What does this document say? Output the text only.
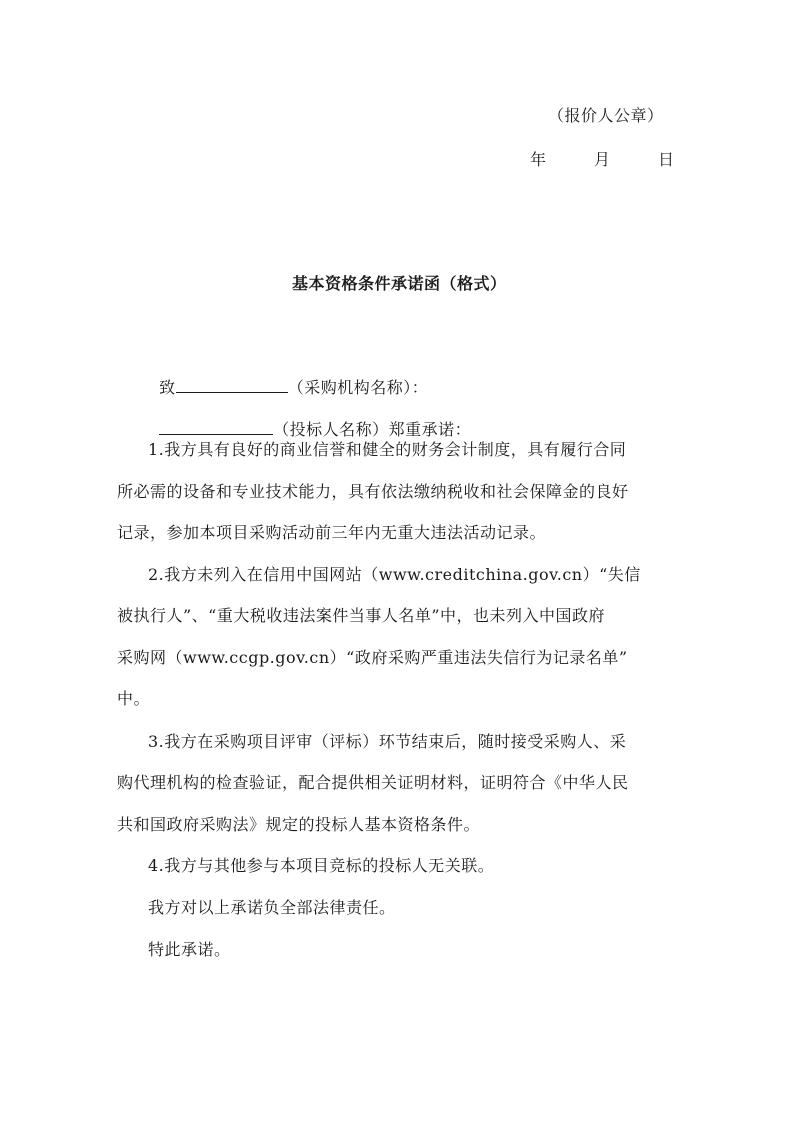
（报价人公章）

年

	月

	日

基本资格条件承诺函（格式）

致	（采购机构名称）：

（投标人名称）郑重承诺：

1.我方具有良好的商业信誉和健全的财务会计制度，具有履行合同
所必需的设备和专业技术能力，具有依法缴纳税收和社会保障金的良好
记录，参加本项目采购活动前三年内无重大违法活动记录。
2.我方未列入在信用中国网站（www.creditchina.gov.cn）“失信
被执行人”、“重大税收违法案件当事人名单”中，也未列入中国政府
采购网（www.ccgp.gov.cn）“政府采购严重违法失信行为记录名单”
中。
3.我方在采购项目评审（评标）环节结束后，随时接受采购人、采
购代理机构的检查验证，配合提供相关证明材料，证明符合《中华人民
共和国政府采购法》规定的投标人基本资格条件。
4.我方与其他参与本项目竞标的投标人无关联。
我方对以上承诺负全部法律责任。
特此承诺。
